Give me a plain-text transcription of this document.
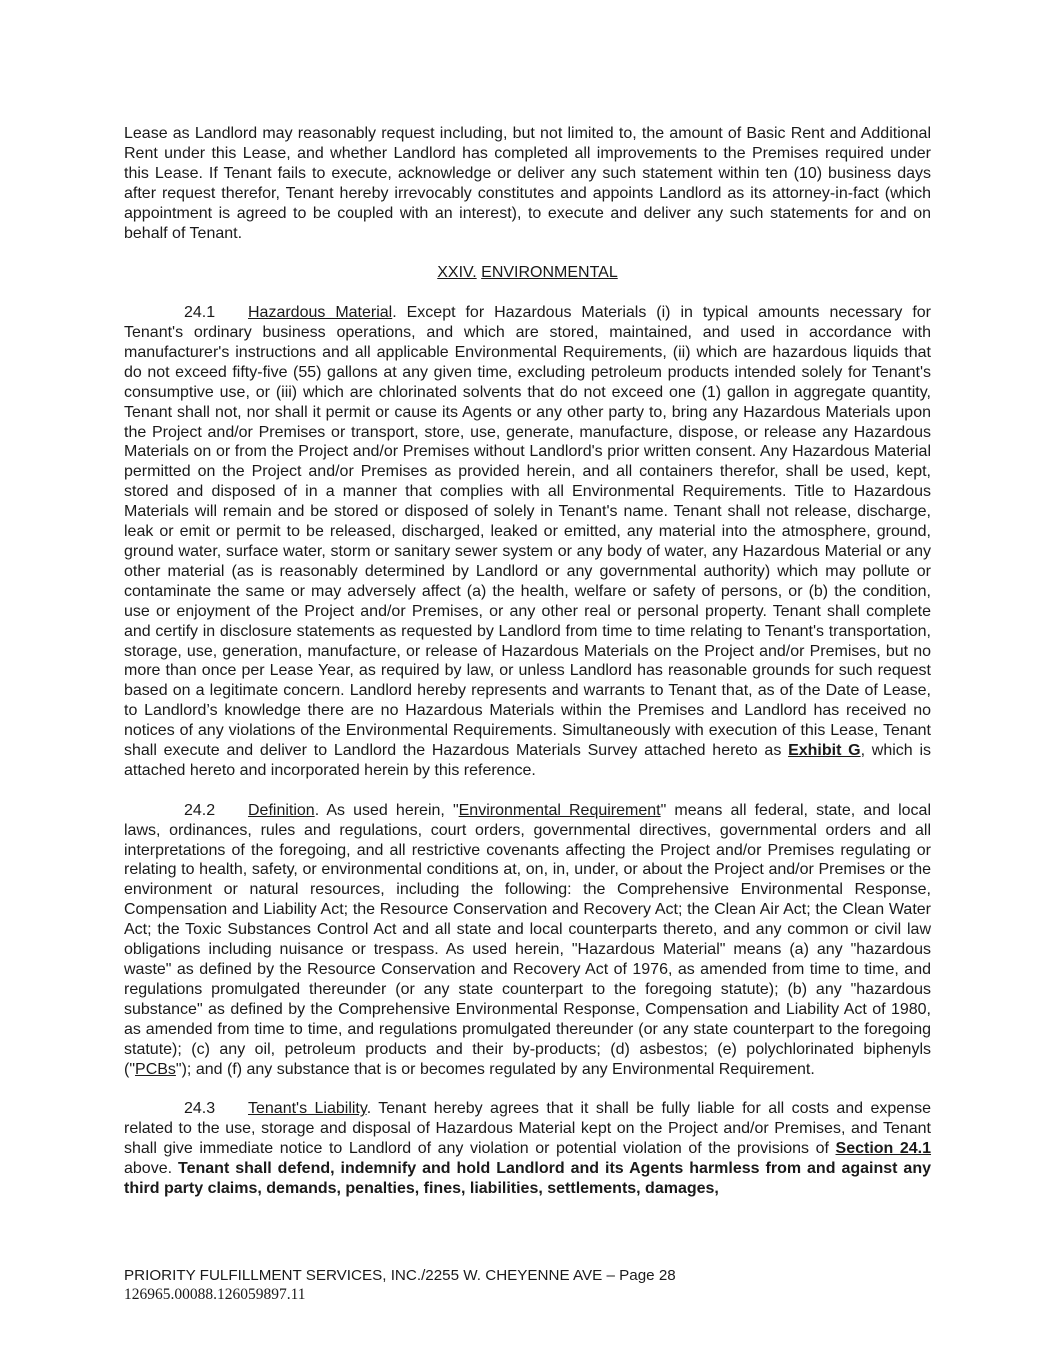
Lease as Landlord may reasonably request including, but not limited to, the amount of Basic Rent and Additional Rent under this Lease, and whether Landlord has completed all improvements to the Premises required under this Lease. If Tenant fails to execute, acknowledge or deliver any such statement within ten (10) business days after request therefor, Tenant hereby irrevocably constitutes and appoints Landlord as its attorney-in-fact (which appointment is agreed to be coupled with an interest), to execute and deliver any such statements for and on behalf of Tenant.

XXIV. ENVIRONMENTAL

24.1 Hazardous Material. Except for Hazardous Materials (i) in typical amounts necessary for Tenant's ordinary business operations, and which are stored, maintained, and used in accordance with manufacturer's instructions and all applicable Environmental Requirements, (ii) which are hazardous liquids that do not exceed fifty-five (55) gallons at any given time, excluding petroleum products intended solely for Tenant's consumptive use, or (iii) which are chlorinated solvents that do not exceed one (1) gallon in aggregate quantity, Tenant shall not, nor shall it permit or cause its Agents or any other party to, bring any Hazardous Materials upon the Project and/or Premises or transport, store, use, generate, manufacture, dispose, or release any Hazardous Materials on or from the Project and/or Premises without Landlord's prior written consent. Any Hazardous Material permitted on the Project and/or Premises as provided herein, and all containers therefor, shall be used, kept, stored and disposed of in a manner that complies with all Environmental Requirements. Title to Hazardous Materials will remain and be stored or disposed of solely in Tenant's name. Tenant shall not release, discharge, leak or emit or permit to be released, discharged, leaked or emitted, any material into the atmosphere, ground, ground water, surface water, storm or sanitary sewer system or any body of water, any Hazardous Material or any other material (as is reasonably determined by Landlord or any governmental authority) which may pollute or contaminate the same or may adversely affect (a) the health, welfare or safety of persons, or (b) the condition, use or enjoyment of the Project and/or Premises, or any other real or personal property. Tenant shall complete and certify in disclosure statements as requested by Landlord from time to time relating to Tenant's transportation, storage, use, generation, manufacture, or release of Hazardous Materials on the Project and/or Premises, but no more than once per Lease Year, as required by law, or unless Landlord has reasonable grounds for such request based on a legitimate concern. Landlord hereby represents and warrants to Tenant that, as of the Date of Lease, to Landlord’s knowledge there are no Hazardous Materials within the Premises and Landlord has received no notices of any violations of the Environmental Requirements. Simultaneously with execution of this Lease, Tenant shall execute and deliver to Landlord the Hazardous Materials Survey attached hereto as Exhibit G, which is attached hereto and incorporated herein by this reference.

24.2 Definition. As used herein, "Environmental Requirement" means all federal, state, and local laws, ordinances, rules and regulations, court orders, governmental directives, governmental orders and all interpretations of the foregoing, and all restrictive covenants affecting the Project and/or Premises regulating or relating to health, safety, or environmental conditions at, on, in, under, or about the Project and/or Premises or the environment or natural resources, including the following: the Comprehensive Environmental Response, Compensation and Liability Act; the Resource Conservation and Recovery Act; the Clean Air Act; the Clean Water Act; the Toxic Substances Control Act and all state and local counterparts thereto, and any common or civil law obligations including nuisance or trespass. As used herein, "Hazardous Material" means (a) any "hazardous waste" as defined by the Resource Conservation and Recovery Act of 1976, as amended from time to time, and regulations promulgated thereunder (or any state counterpart to the foregoing statute); (b) any "hazardous substance" as defined by the Comprehensive Environmental Response, Compensation and Liability Act of 1980, as amended from time to time, and regulations promulgated thereunder (or any state counterpart to the foregoing statute); (c) any oil, petroleum products and their by-products; (d) asbestos; (e) polychlorinated biphenyls ("PCBs"); and (f) any substance that is or becomes regulated by any Environmental Requirement.

24.3 Tenant's Liability. Tenant hereby agrees that it shall be fully liable for all costs and expense related to the use, storage and disposal of Hazardous Material kept on the Project and/or Premises, and Tenant shall give immediate notice to Landlord of any violation or potential violation of the provisions of Section 24.1 above. Tenant shall defend, indemnify and hold Landlord and its Agents harmless from and against any third party claims, demands, penalties, fines, liabilities, settlements, damages,

PRIORITY FULFILLMENT SERVICES, INC./2255 W. CHEYENNE AVE – Page 28
126965.00088.126059897.11
